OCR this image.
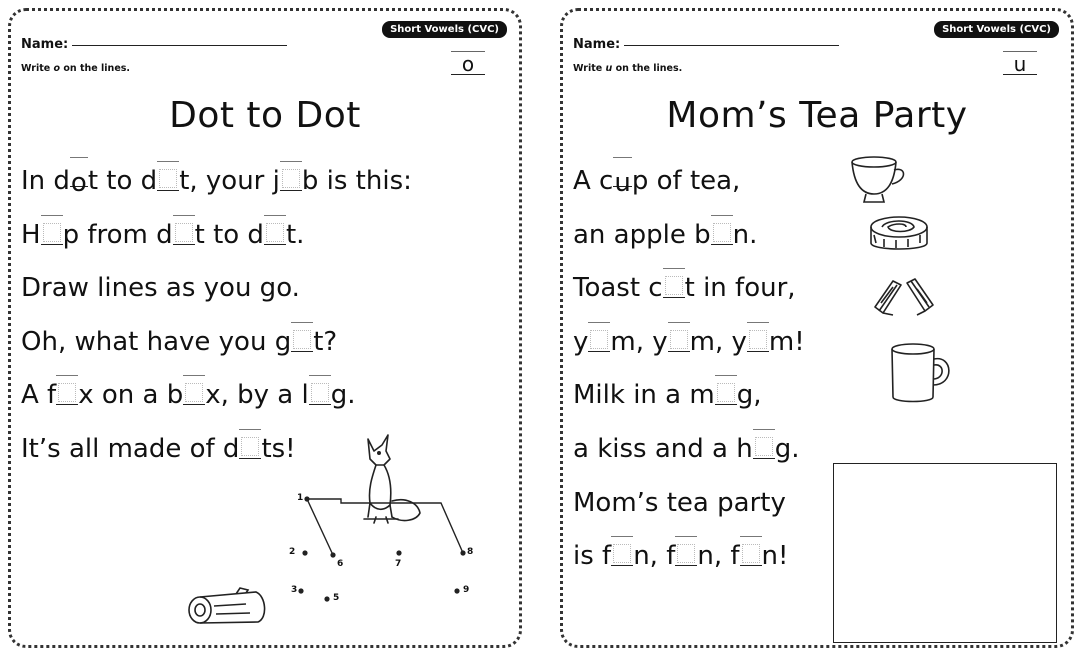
Short Vowels (CVC)
Name:
Write o on the lines.	o
Dot to Dot
In dot to d t, your j b is this:
H p from d t to d t.
Draw lines as you go.
Oh, what have you g t?
A f x on a b x, by a l g.
It’s all made of d ts!
1
2
3
5
6	7
8
9
Short Vowels (CVC)
Name:
Write u on the lines.	u
Mom’s Tea Party
A cup of tea,
an apple b n.
Toast c t in four,
y m, y m, y m!
Milk in a m g,
a kiss and a h g.
Mom’s tea party
is f n, f n, f n!
